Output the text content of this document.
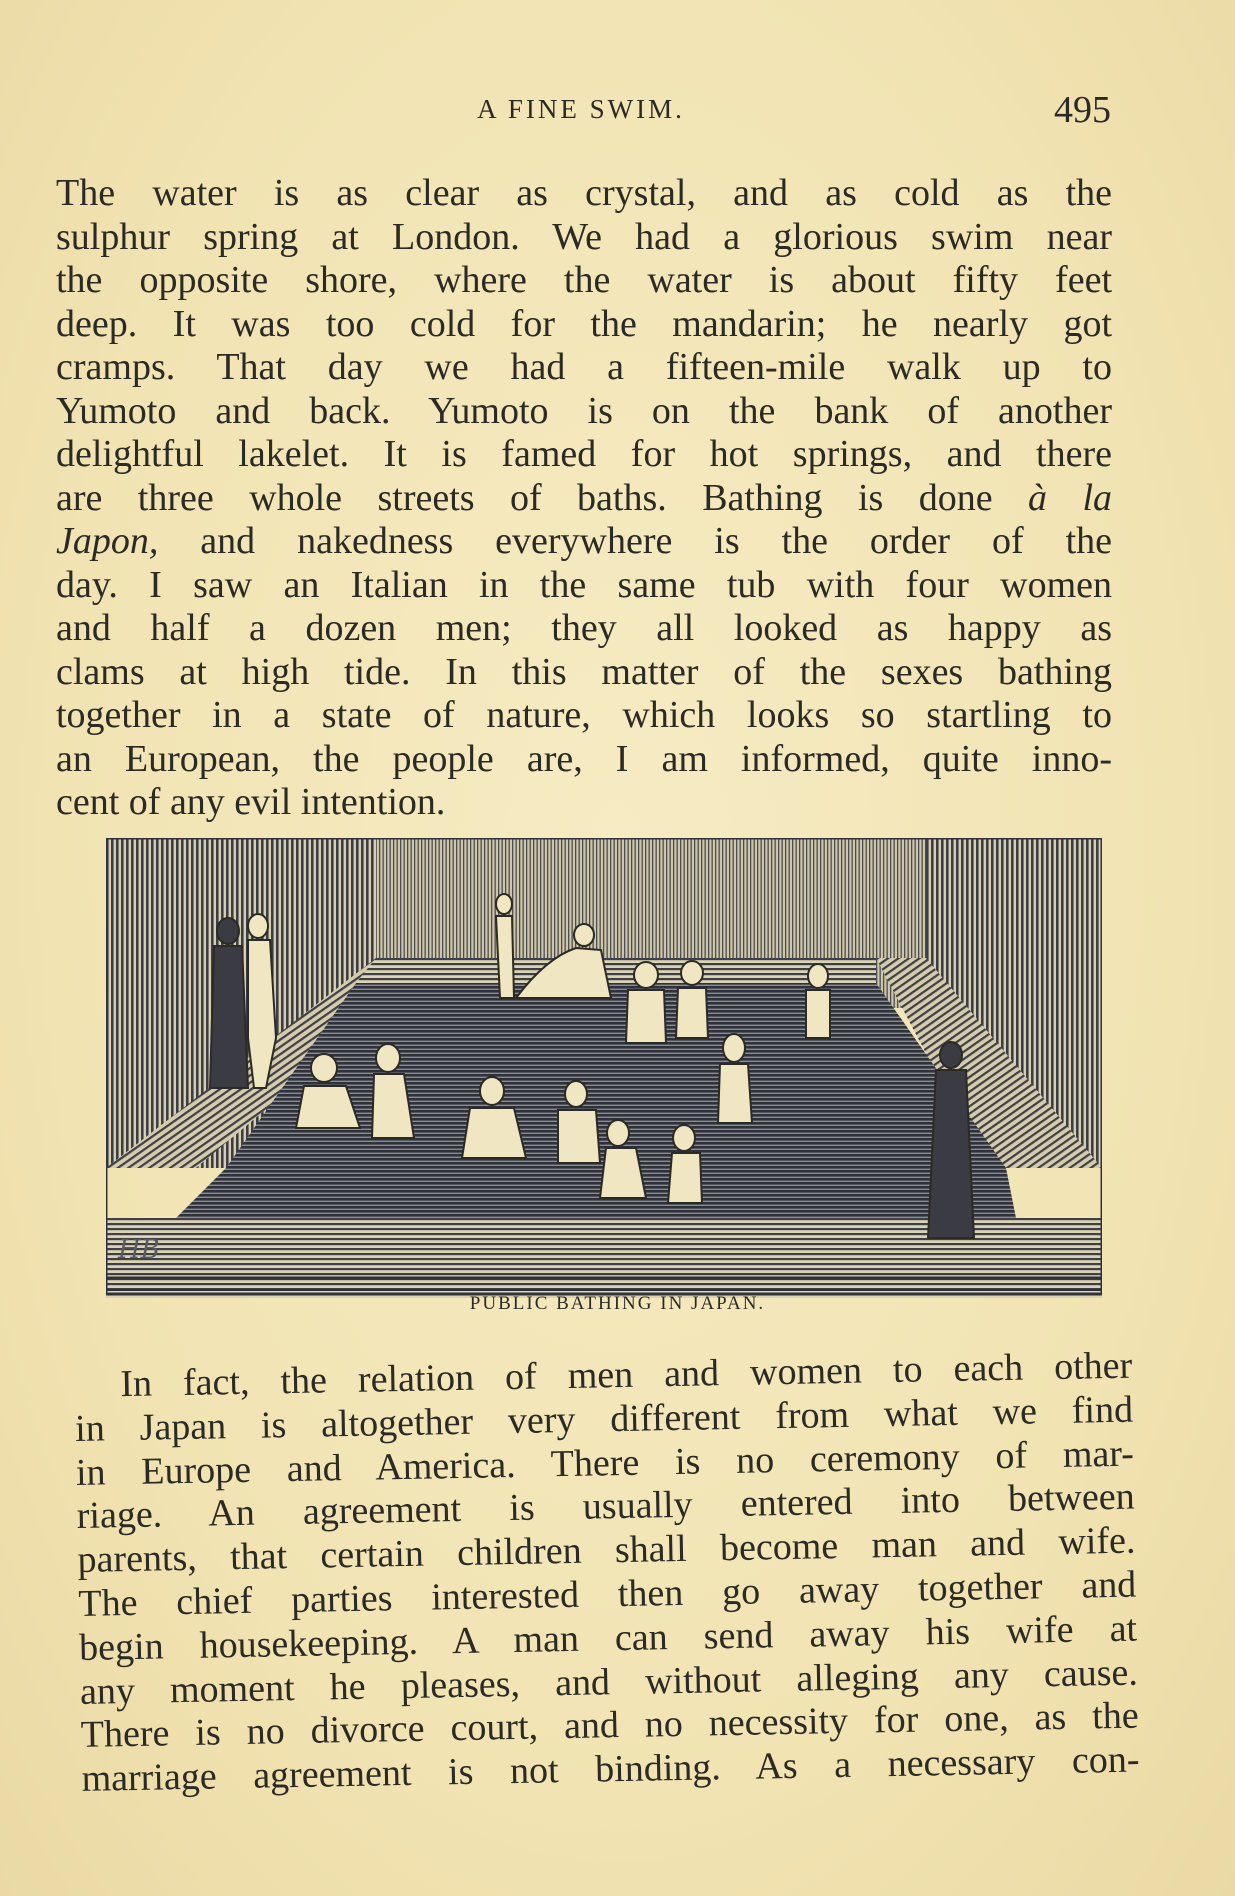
A FINE SWIM.	495
The water is as clear as crystal, and as cold as the
sulphur spring at London. We had a glorious swim near
the opposite shore, where the water is about fifty feet
deep. It was too cold for the mandarin; he nearly got
cramps. That day we had a fifteen-mile walk up to
Yumoto and back. Yumoto is on the bank of another
delightful lakelet. It is famed for hot springs, and there
are three whole streets of baths. Bathing is done à la
Japon, and nakedness everywhere is the order of the
day. I saw an Italian in the same tub with four women
and half a dozen men; they all looked as happy as
clams at high tide. In this matter of the sexes bathing
together in a state of nature, which looks so startling to
an European, the people are, I am informed, quite inno-
cent of any evil intention.
HB
PUBLIC BATHING IN JAPAN.
In fact, the relation of men and women to each other
in Japan is altogether very different from what we find
in Europe and America. There is no ceremony of mar-
riage. An agreement is usually entered into between
parents, that certain children shall become man and wife.
The chief parties interested then go away together and
begin housekeeping. A man can send away his wife at
any moment he pleases, and without alleging any cause.
There is no divorce court, and no necessity for one, as the
marriage agreement is not binding. As a necessary con-
